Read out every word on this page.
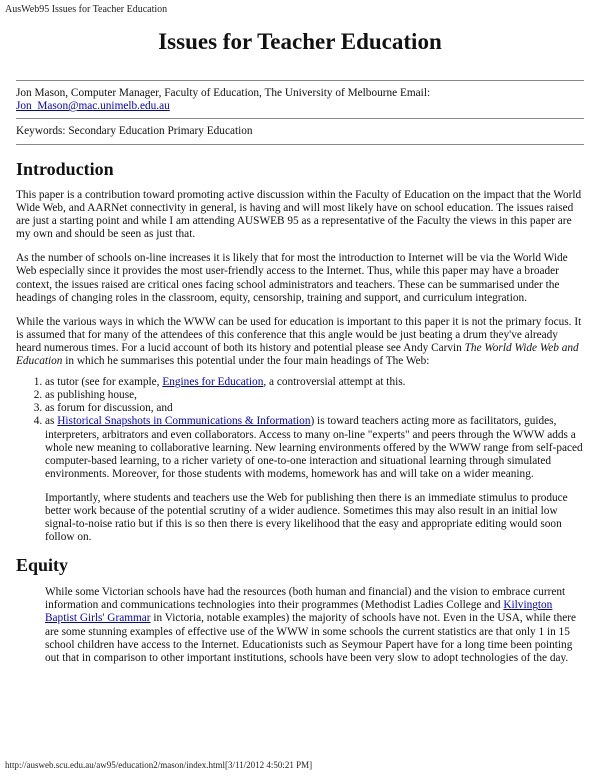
AusWeb95 Issues for Teacher Education
Issues for Teacher Education
Jon Mason, Computer Manager, Faculty of Education, The University of Melbourne Email:
Jon_Mason@mac.unimelb.edu.au
Keywords: Secondary Education Primary Education
Introduction

This paper is a contribution toward promoting active discussion within the Faculty of Education on the impact that the World Wide Web, and AARNet connectivity in general, is having and will most likely have on school education. The issues raised are just a starting point and while I am attending AUSWEB 95 as a representative of the Faculty the views in this paper are my own and should be seen as just that.

As the number of schools on-line increases it is likely that for most the introduction to Internet will be via the World Wide Web especially since it provides the most user-friendly access to the Internet. Thus, while this paper may have a broader context, the issues raised are critical ones facing school administrators and teachers. These can be summarised under the headings of changing roles in the classroom, equity, censorship, training and support, and curriculum integration.

While the various ways in which the WWW can be used for education is important to this paper it is not the primary focus. It is assumed that for many of the attendees of this conference that this angle would be just beating a drum they've already heard numerous times. For a lucid account of both its history and potential please see Andy Carvin The World Wide Web and Education in which he summarises this potential under the four main headings of The Web:

1. as tutor (see for example, Engines for Education, a controversial attempt at this.
2. as publishing house,
3. as forum for discussion, and
4. as Historical Snapshots in Communications & Information) is toward teachers acting more as facilitators, guides, interpreters, arbitrators and even collaborators. Access to many on-line "experts" and peers through the WWW adds a whole new meaning to collaborative learning. New learning environments offered by the WWW range from self-paced computer-based learning, to a richer variety of one-to-one interaction and situational learning through simulated environments. Moreover, for those students with modems, homework has and will take on a wider meaning.

Importantly, where students and teachers use the Web for publishing then there is an immediate stimulus to produce better work because of the potential scrutiny of a wider audience. Sometimes this may also result in an initial low signal-to-noise ratio but if this is so then there is every likelihood that the easy and appropriate editing would soon follow on.

Equity

While some Victorian schools have had the resources (both human and financial) and the vision to embrace current information and communications technologies into their programmes (Methodist Ladies College and Kilvington Baptist Girls' Grammar in Victoria, notable examples) the majority of schools have not. Even in the USA, while there are some stunning examples of effective use of the WWW in some schools the current statistics are that only 1 in 15 school children have access to the Internet. Educationists such as Seymour Papert have for a long time been pointing out that in comparison to other important institutions, schools have been very slow to adopt technologies of the day.

http://ausweb.scu.edu.au/aw95/education2/mason/index.html[3/11/2012 4:50:21 PM]
